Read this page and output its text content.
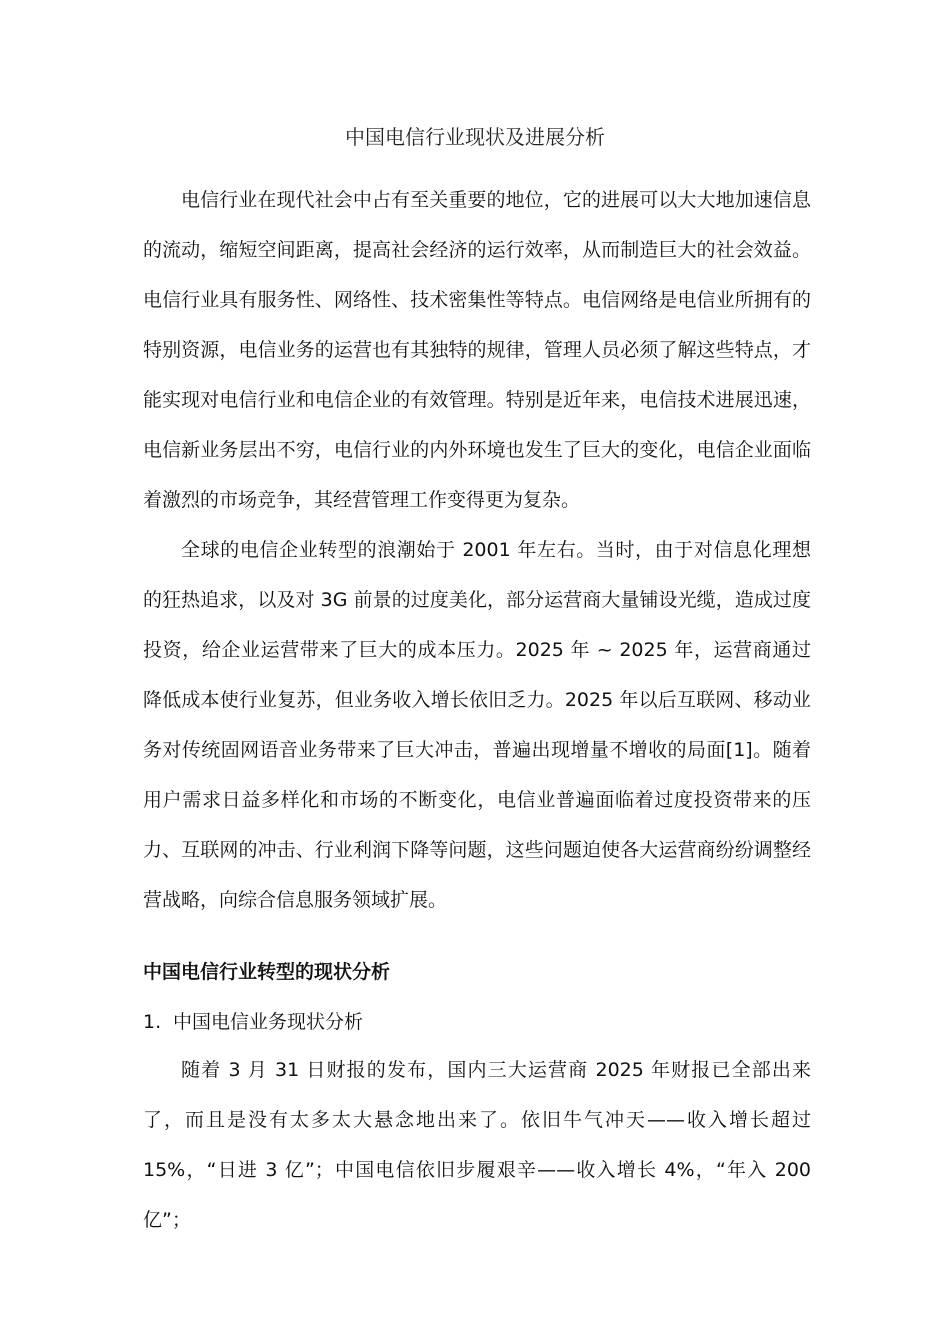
中国电信行业现状及进展分析

电信行业在现代社会中占有至关重要的地位，它的进展可以大大地加速信息的流动，缩短空间距离，提高社会经济的运行效率，从而制造巨大的社会效益。电信行业具有服务性、网络性、技术密集性等特点。电信网络是电信业所拥有的特别资源，电信业务的运营也有其独特的规律，管理人员必须了解这些特点，才能实现对电信行业和电信企业的有效管理。特别是近年来，电信技术进展迅速，电信新业务层出不穷，电信行业的内外环境也发生了巨大的变化，电信企业面临着激烈的市场竞争，其经营管理工作变得更为复杂。

全球的电信企业转型的浪潮始于 2001 年左右。当时，由于对信息化理想的狂热追求，以及对 3G 前景的过度美化，部分运营商大量铺设光缆，造成过度投资，给企业运营带来了巨大的成本压力。2025 年 ~ 2025 年，运营商通过降低成本使行业复苏，但业务收入增长依旧乏力。2025 年以后互联网、移动业务对传统固网语音业务带来了巨大冲击，普遍出现增量不增收的局面[1]。随着用户需求日益多样化和市场的不断变化，电信业普遍面临着过度投资带来的压力、互联网的冲击、行业利润下降等问题，这些问题迫使各大运营商纷纷调整经营战略，向综合信息服务领域扩展。

中国电信行业转型的现状分析
1. 中国电信业务现状分析

随着 3 月 31 日财报的发布，国内三大运营商 2025 年财报已全部出来了，而且是没有太多太大悬念地出来了。依旧牛气冲天——收入增长超过 15%，“日进 3 亿”；中国电信依旧步履艰辛——收入增长 4%，“年入 200 亿”；
